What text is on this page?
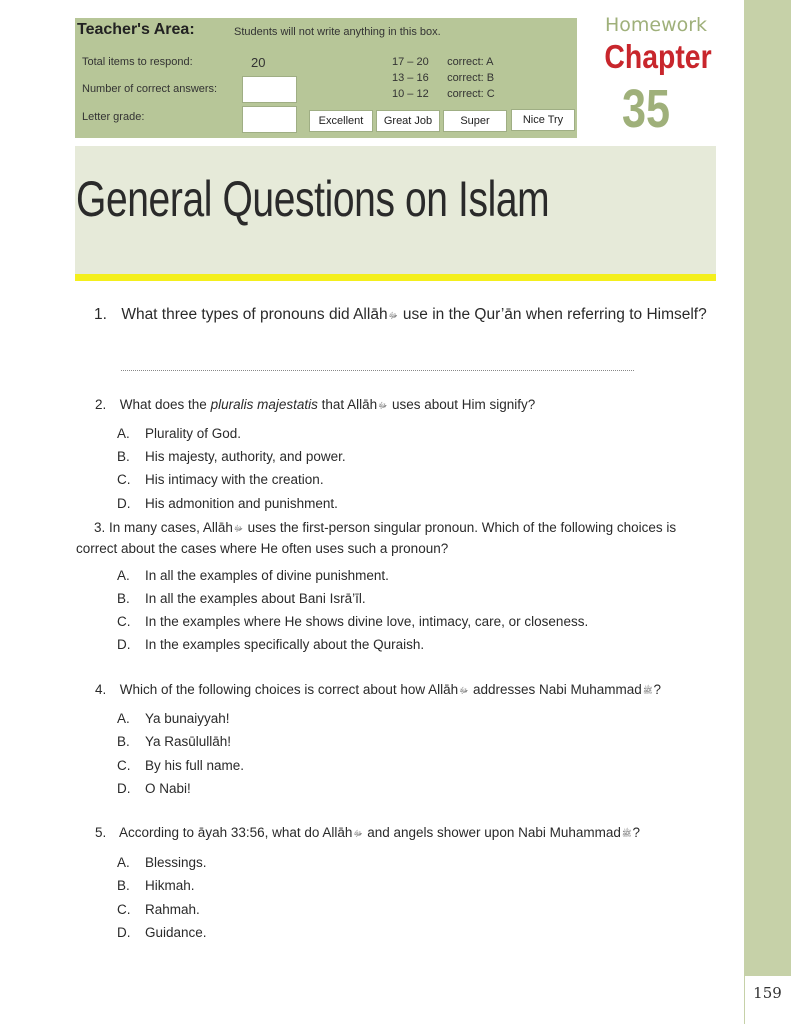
159
Teacher's Area:	Students will not write anything in this box.
Total items to respond:	20
Number of correct answers:
Letter grade:
17 – 20 correct: A
13 – 16 correct: B
10 – 12 correct: C
Excellent	Great Job	Super	Nice Try
Homework
Chapter
35
General Questions on Islam
1. What three types of pronouns did Allāhﷻ use in the Qur’ān when referring to Himself?
2. What does the pluralis majestatis that Allāhﷻ uses about Him signify?
A. Plurality of God.
B. His majesty, authority, and power.
C. His intimacy with the creation.
D. His admonition and punishment.
3. In many cases, Allāhﷻ uses the first-person singular pronoun. Which of the following choices is correct about the cases where He often uses such a pronoun?
A. In all the examples of divine punishment.
B. In all the examples about Bani Isrā’īl.
C. In the examples where He shows divine love, intimacy, care, or closeness.
D. In the examples specifically about the Quraish.
4. Which of the following choices is correct about how Allāhﷻ addresses Nabi Muhammadﷺ?
A. Ya bunaiyyah!
B. Ya Rasūlullāh!
C. By his full name.
D. O Nabi!
5. According to āyah 33:56, what do Allāhﷻ and angels shower upon Nabi Muhammadﷺ?
A. Blessings.
B. Hikmah.
C. Rahmah.
D. Guidance.
